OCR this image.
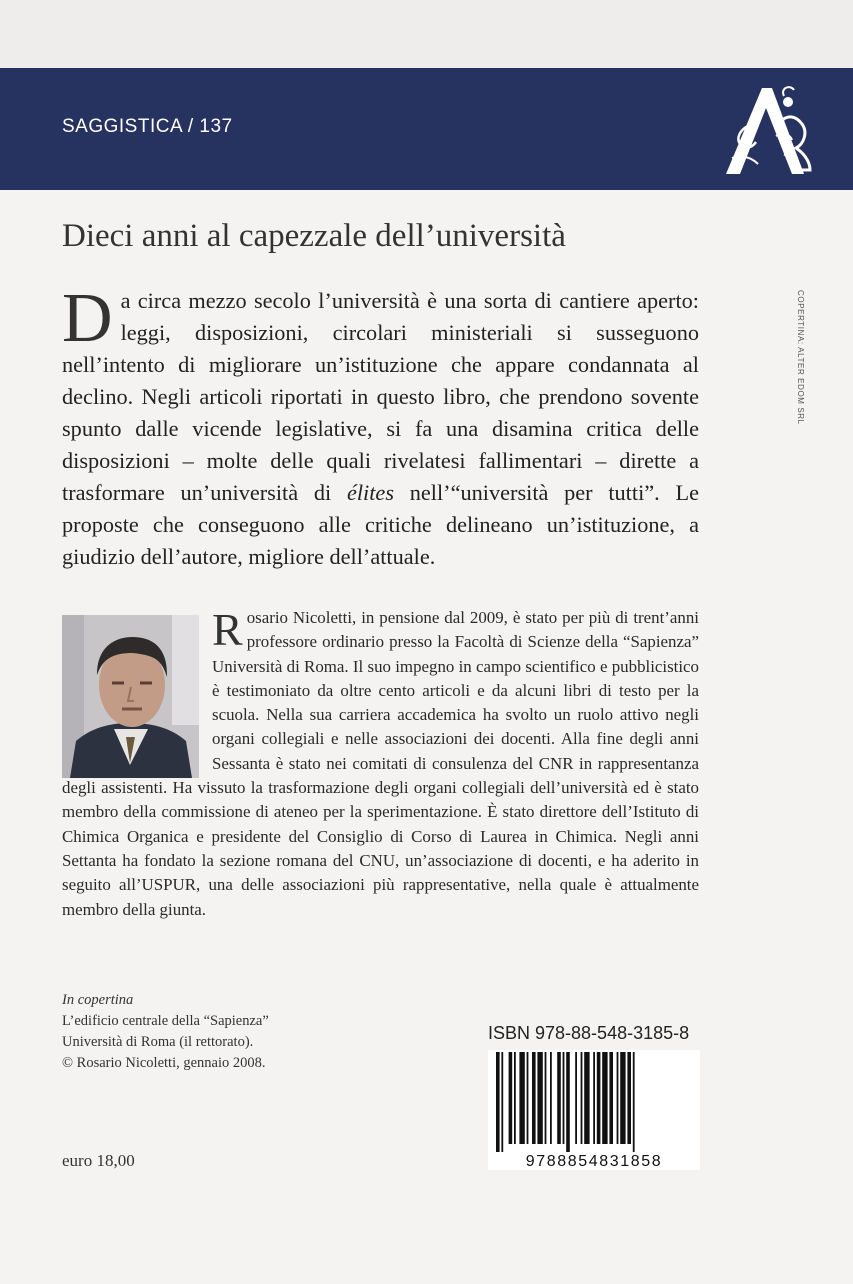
SAGGISTICA / 137
Dieci anni al capezzale dell’università
COPERTINA: ALTER EDOM SRL
Da circa mezzo secolo l’università è una sorta di cantiere aperto: leggi, disposizioni, circolari ministeriali si susseguono nell’intento di migliorare un’istituzione che appare condannata al declino. Negli articoli riportati in questo libro, che prendono sovente spunto dalle vicende legislative, si fa una disamina critica delle disposizioni – molte delle quali rivelatesi fallimentari – dirette a trasformare un’università di élites nell’“università per tutti”. Le proposte che conseguono alle critiche delineano un’istituzione, a giudizio dell’autore, migliore dell’attuale.
Rosario Nicoletti, in pensione dal 2009, è stato per più di trent’anni professore ordinario presso la Facoltà di Scienze della “Sapienza” Università di Roma. Il suo impegno in campo scientifico e pubblicistico è testimoniato da oltre cento articoli e da alcuni libri di testo per la scuola. Nella sua carriera accademica ha svolto un ruolo attivo negli organi collegiali e nelle associazioni dei docenti. Alla fine degli anni Sessanta è stato nei comitati di consulenza del CNR in rappresentanza degli assistenti. Ha vissuto la trasformazione degli organi collegiali dell’università ed è stato membro della commissione di ateneo per la sperimentazione. È stato direttore dell’Istituto di Chimica Organica e presidente del Consiglio di Corso di Laurea in Chimica. Negli anni Settanta ha fondato la sezione romana del CNU, un’associazione di docenti, e ha aderito in seguito all’USPUR, una delle associazioni più rappresentative, nella quale è attualmente membro della giunta.
In copertina
L’edificio centrale della “Sapienza”
Università di Roma (il rettorato).
© Rosario Nicoletti, gennaio 2008.
ISBN 978-88-548-3185-8
9788854831858
euro 18,00
